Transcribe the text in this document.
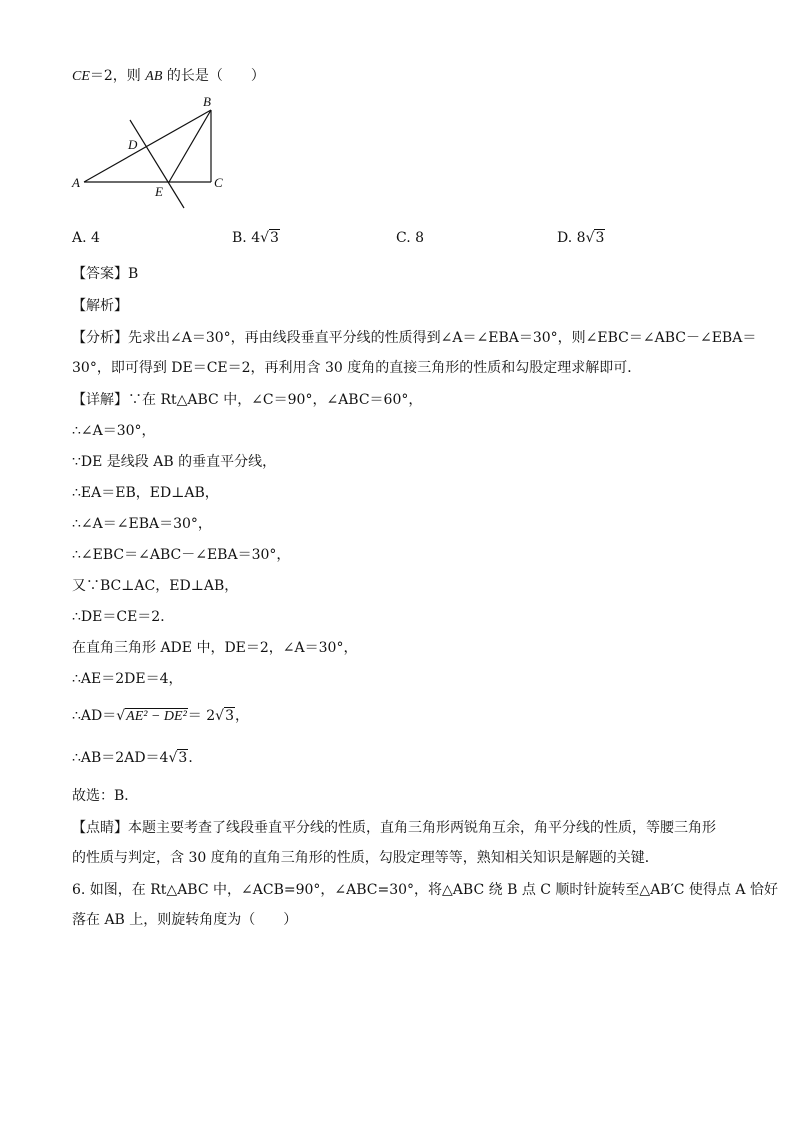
CE＝2，则 AB 的长是（　　）
A
B
C
D
E
A. 4	B. 4√3	C. 8	D. 8√3
【答案】B
【解析】
【分析】先求出∠A＝30°，再由线段垂直平分线的性质得到∠A＝∠EBA＝30°，则∠EBC＝∠ABC－∠EBA＝
30°，即可得到 DE＝CE＝2，再利用含 30 度角的直接三角形的性质和勾股定理求解即可．
【详解】∵在 Rt△ABC 中，∠C＝90°，∠ABC＝60°，
∴∠A＝30°，
∵DE 是线段 AB 的垂直平分线，
∴EA＝EB，ED⊥AB，
∴∠A＝∠EBA＝30°，
∴∠EBC＝∠ABC－∠EBA＝30°，
又∵BC⊥AC，ED⊥AB，
∴DE＝CE＝2．
在直角三角形 ADE 中，DE＝2，∠A＝30°，
∴AE＝2DE＝4，
∴AD＝√AE² − DE²＝ 2√3，
∴AB＝2AD＝4√3．
故选：B．
【点睛】本题主要考查了线段垂直平分线的性质，直角三角形两锐角互余，角平分线的性质，等腰三角形
的性质与判定，含 30 度角的直角三角形的性质，勾股定理等等，熟知相关知识是解题的关键．
6. 如图，在 Rt△ABC 中，∠ACB=90°，∠ABC=30°，将△ABC 绕 B 点 C 顺时针旋转至△AB′C 使得点 A 恰好
落在 AB 上，则旋转角度为（　　）
